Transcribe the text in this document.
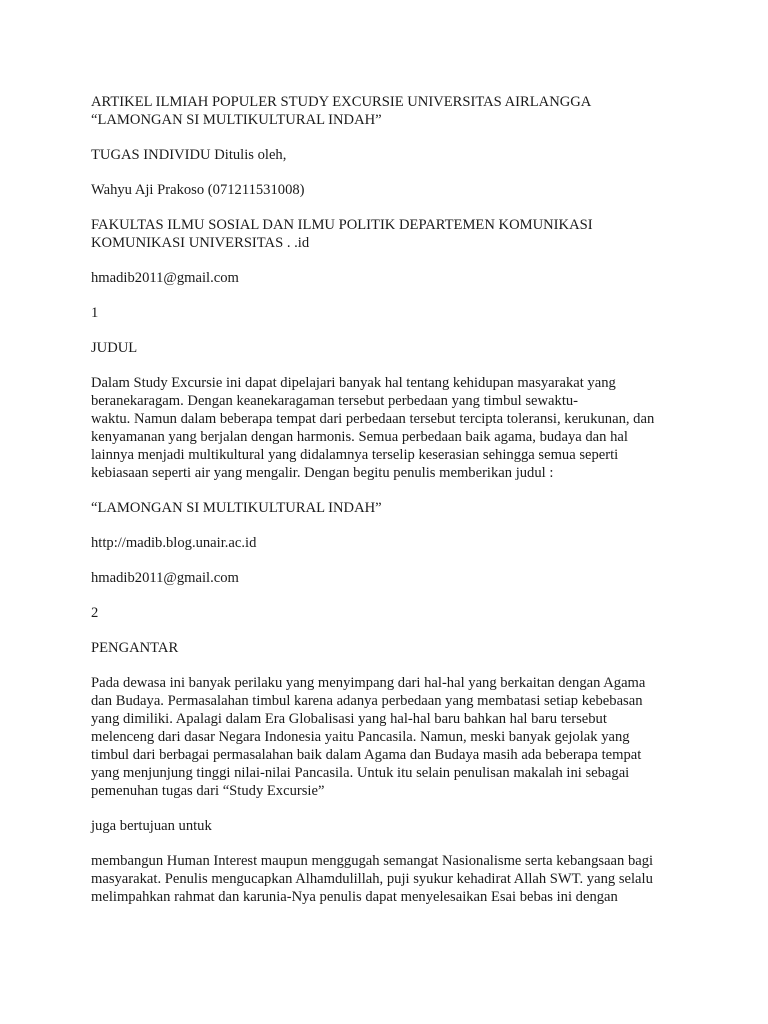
ARTIKEL ILMIAH POPULER STUDY EXCURSIE UNIVERSITAS AIRLANGGA
“LAMONGAN SI MULTIKULTURAL INDAH”
TUGAS INDIVIDU Ditulis oleh,
Wahyu Aji Prakoso (071211531008)
FAKULTAS ILMU SOSIAL DAN ILMU POLITIK DEPARTEMEN KOMUNIKASI
KOMUNIKASI UNIVERSITAS . .id
hmadib2011@gmail.com
1
JUDUL
Dalam Study Excursie ini dapat dipelajari banyak hal tentang kehidupan masyarakat yang
beranekaragam. Dengan keanekaragaman tersebut perbedaan yang timbul sewaktu-
waktu. Namun dalam beberapa tempat dari perbedaan tersebut tercipta toleransi, kerukunan, dan
kenyamanan yang berjalan dengan harmonis. Semua perbedaan baik agama, budaya dan hal
lainnya menjadi multikultural yang didalamnya terselip keserasian sehingga semua seperti
kebiasaan seperti air yang mengalir. Dengan begitu penulis memberikan judul :
“LAMONGAN SI MULTIKULTURAL INDAH”
http://madib.blog.unair.ac.id
hmadib2011@gmail.com
2
PENGANTAR
Pada dewasa ini banyak perilaku yang menyimpang dari hal-hal yang berkaitan dengan Agama
dan Budaya. Permasalahan timbul karena adanya perbedaan yang membatasi setiap kebebasan
yang dimiliki. Apalagi dalam Era Globalisasi yang hal-hal baru bahkan hal baru tersebut
melenceng dari dasar Negara Indonesia yaitu Pancasila. Namun, meski banyak gejolak yang
timbul dari berbagai permasalahan baik dalam Agama dan Budaya masih ada beberapa tempat
yang menjunjung tinggi nilai-nilai Pancasila. Untuk itu selain penulisan makalah ini sebagai
pemenuhan tugas dari “Study Excursie”
juga bertujuan untuk
membangun Human Interest maupun menggugah semangat Nasionalisme serta kebangsaan bagi
masyarakat. Penulis mengucapkan Alhamdulillah, puji syukur kehadirat Allah SWT. yang selalu
melimpahkan rahmat dan karunia-Nya penulis dapat menyelesaikan Esai bebas ini dengan
